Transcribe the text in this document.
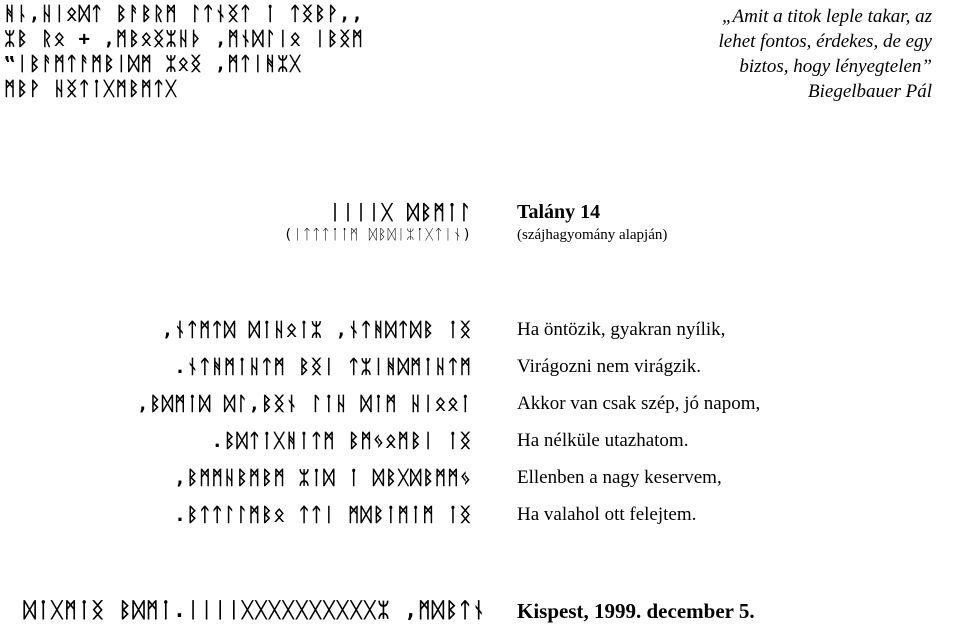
ᚻᚿ,ᚺᛁᛟᛞᛏ ᛒᚨᛒᚱᛗ ᛚᛏᚾᛝᛏ ᛙ ᛏᛝᛒᚹ‚‚
ᛯᛒ ᚱᛟ + ,ᛗᛒᛟᛝᛯᚺᚦ ,ᛗᚾᛞᛚᛁᛟ ᛁᛒᛝᛗ
‟ᛁᛒᚨᛗᛏᚨᛗᛒᛁᛞᛗ ᛯᛟᛝ ,ᛗᛏᛁᚻᛯᚷ
ᛗᛒᚹ ᚺᛝᛏᛙᚷᛗᛒᛗᛏᚷ
„Amit a titok leple takar, az
lehet fontos, érdekes, de egy
biztos, hogy lényegtelen”
Biegelbauer Pál
ᛁᛁᛁᛁᚷ ᛞᛒᛗᛙᛚ
(ᛁᛏᛏᛏᛙᛙᛗ ᛞᛒᛞᛁᛯᛙᚷᛏᛁᚾ)
Talány 14
(szájhagyomány alapján)
,ᚾᛏᛗᛏᛞ ᛞᛙᚺᛟᛙᛯ ,ᚾᛏᚻᛞᛏᛞᛒ ᛙᛝ
.ᚾᛏᚻᛗᛙᚺᛏᛗ ᛒᛝᛁ ᛏᛯᛁᚻᛞᛗᛙᚺᛏᛗ
,ᛒᛞᛗᛙᛞ ᛞᛚ,ᛒᛝᚾ ᛚᛙᚺ ᛞᛙᛗ ᚺᛁᛟᛟᛙ
.ᛒᛞᛏᛙᚷᚻᛙᛏᛗ ᛒᛗᛃᛟᛗᛒᛁ ᛙᛝ
,ᛒᛗᛗᚺᛒᛗᛒᛗ ᛯᛙᛞ ᛙ ᛞᛒᚷᛞᛒᛗᛗᛃ
.ᛒᛏᛏᛚᛚᛗᛒᛟ ᛏᛏᛁ ᛗᛞᛒᛙᛗᛙᛗ ᛙᛝ
Ha öntözik, gyakran nyílik,
Virágozni nem virágzik.
Akkor van csak szép, jó napom,
Ha nélküle utazhatom.
Ellenben a nagy keservem,
Ha valahol ott felejtem.
ᛞᛙᚷᛗᛙᛝ ᛒᛞᛗᛙ.ᛁᛁᛁᛁᚷᚷᚷᚷᚷᚷᚷᚷᚷᚷᛯ ,ᛗᛞᛒᛏᚾ Kispest, 1999. december 5.
